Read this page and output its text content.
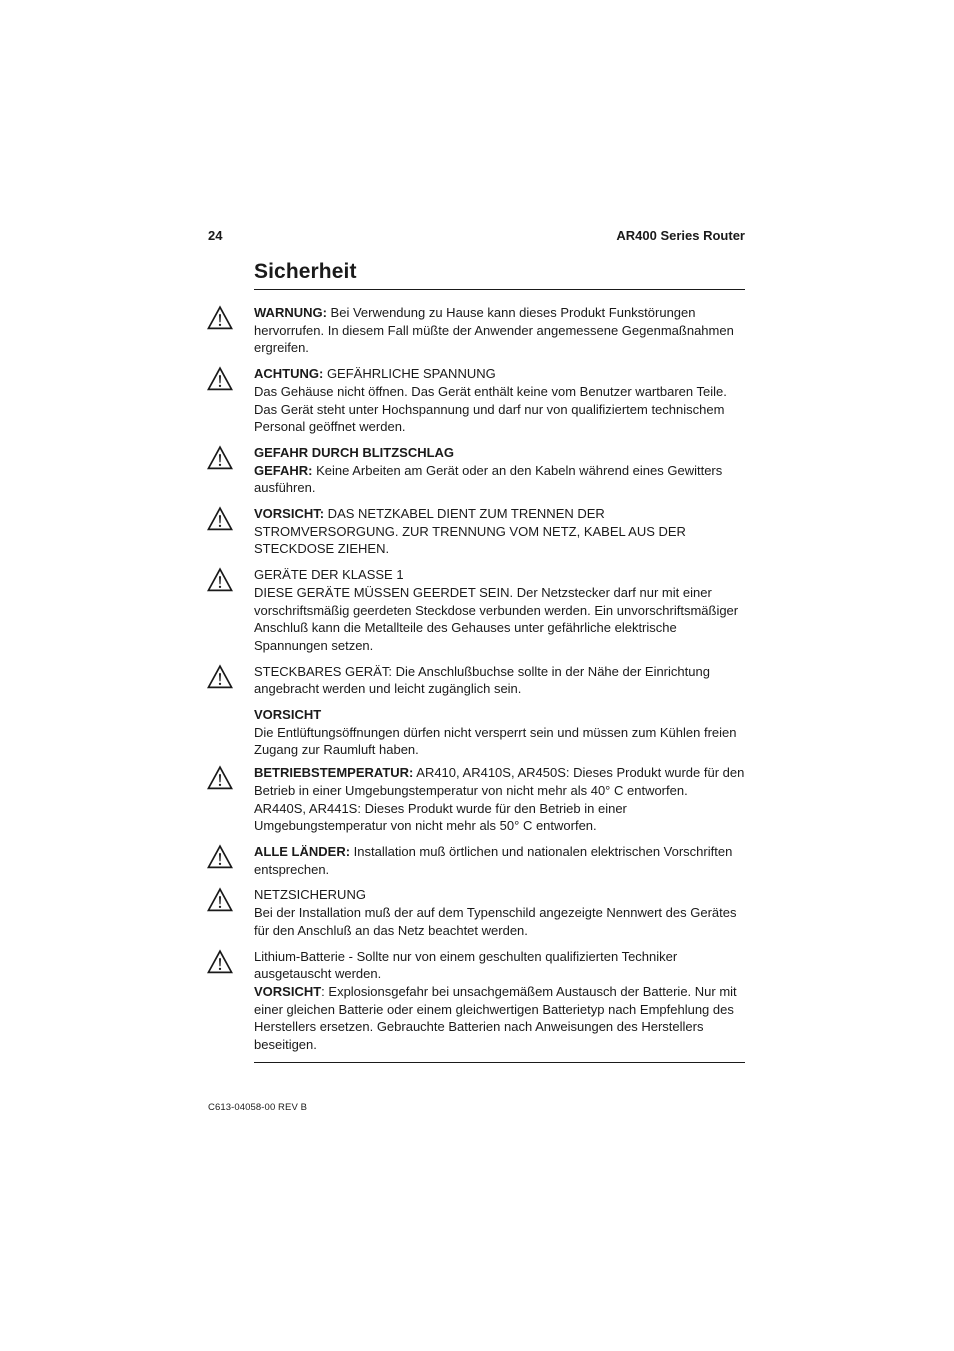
24	AR400 Series Router
Sicherheit

WARNUNG: Bei Verwendung zu Hause kann dieses Produkt Funkstörungen hervorrufen. In diesem Fall müßte der Anwender angemessene Gegenmaßnahmen ergreifen.

ACHTUNG: GEFÄHRLICHE SPANNUNG

Das Gehäuse nicht öffnen. Das Gerät enthält keine vom Benutzer wartbaren Teile. Das Gerät steht unter Hochspannung und darf nur von qualifiziertem technischem Personal geöffnet werden.

GEFAHR DURCH BLITZSCHLAG

GEFAHR: Keine Arbeiten am Gerät oder an den Kabeln während eines Gewitters ausführen.

VORSICHT: DAS NETZKABEL DIENT ZUM TRENNEN DER STROMVERSORGUNG. ZUR TRENNUNG VOM NETZ, KABEL AUS DER STECKDOSE ZIEHEN.

GERÄTE DER KLASSE 1

DIESE GERÄTE MÜSSEN GEERDET SEIN. Der Netzstecker darf nur mit einer vorschriftsmäßig geerdeten Steckdose verbunden werden. Ein unvorschriftsmäßiger Anschluß kann die Metallteile des Gehauses unter gefährliche elektrische Spannungen setzen.

STECKBARES GERÄT: Die Anschlußbuchse sollte in der Nähe der Einrichtung angebracht werden und leicht zugänglich sein.

VORSICHT

Die Entlüftungsöffnungen dürfen nicht versperrt sein und müssen zum Kühlen freien Zugang zur Raumluft haben.

BETRIEBSTEMPERATUR: AR410, AR410S, AR450S: Dieses Produkt wurde für den Betrieb in einer Umgebungstemperatur von nicht mehr als 40° C entworfen.

AR440S, AR441S: Dieses Produkt wurde für den Betrieb in einer Umgebungstemperatur von nicht mehr als 50° C entworfen.

ALLE LÄNDER: Installation muß örtlichen und nationalen elektrischen Vorschriften entsprechen.

NETZSICHERUNG

Bei der Installation muß der auf dem Typenschild angezeigte Nennwert des Gerätes für den Anschluß an das Netz beachtet werden.

Lithium-Batterie - Sollte nur von einem geschulten qualifizierten Techniker ausgetauscht werden.

VORSICHT: Explosionsgefahr bei unsachgemäßem Austausch der Batterie. Nur mit einer gleichen Batterie oder einem gleichwertigen Batterietyp nach Empfehlung des Herstellers ersetzen. Gebrauchte Batterien nach Anweisungen des Herstellers beseitigen.

C613-04058-00 REV B
